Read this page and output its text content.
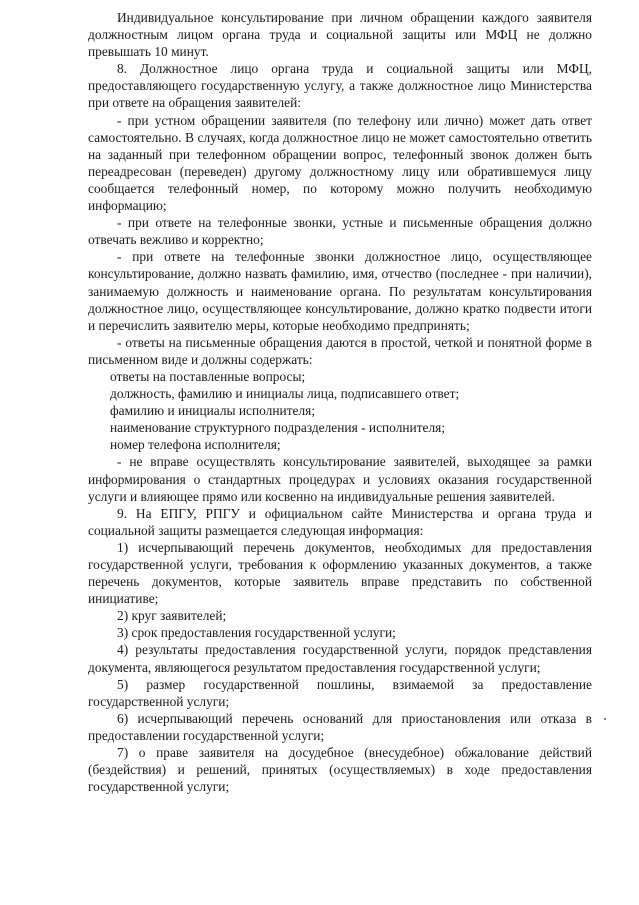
Индивидуальное консультирование при личном обращении каждого заявителя должностным лицом органа труда и социальной защиты или МФЦ не должно превышать 10 минут.

8. Должностное лицо органа труда и социальной защиты или МФЦ, предоставляющего государственную услугу, а также должностное лицо Министерства при ответе на обращения заявителей:

- при устном обращении заявителя (по телефону или лично) может дать ответ самостоятельно. В случаях, когда должностное лицо не может самостоятельно ответить на заданный при телефонном обращении вопрос, телефонный звонок должен быть переадресован (переведен) другому должностному лицу или обратившемуся лицу сообщается телефонный номер, по которому можно получить необходимую информацию;

- при ответе на телефонные звонки, устные и письменные обращения должно отвечать вежливо и корректно;

- при ответе на телефонные звонки должностное лицо, осуществляющее консультирование, должно назвать фамилию, имя, отчество (последнее - при наличии), занимаемую должность и наименование органа. По результатам консультирования должностное лицо, осуществляющее консультирование, должно кратко подвести итоги и перечислить заявителю меры, которые необходимо предпринять;

- ответы на письменные обращения даются в простой, четкой и понятной форме в письменном виде и должны содержать:

ответы на поставленные вопросы;

должность, фамилию и инициалы лица, подписавшего ответ;

фамилию и инициалы исполнителя;

наименование структурного подразделения - исполнителя;

номер телефона исполнителя;

- не вправе осуществлять консультирование заявителей, выходящее за рамки информирования о стандартных процедурах и условиях оказания государственной услуги и влияющее прямо или косвенно на индивидуальные решения заявителей.

9. На ЕПГУ, РПГУ и официальном сайте Министерства и органа труда и социальной защиты размещается следующая информация:

1) исчерпывающий перечень документов, необходимых для предоставления государственной услуги, требования к оформлению указанных документов, а также перечень документов, которые заявитель вправе представить по собственной инициативе;

2) круг заявителей;

3) срок предоставления государственной услуги;

4) результаты предоставления государственной услуги, порядок представления документа, являющегося результатом предоставления государственной услуги;

5) размер государственной пошлины, взимаемой за предоставление государственной услуги;

6) исчерпывающий перечень оснований для приостановления или отказа в предоставлении государственной услуги;

7) о праве заявителя на досудебное (внесудебное) обжалование действий (бездействия) и решений, принятых (осуществляемых) в ходе предоставления государственной услуги;
